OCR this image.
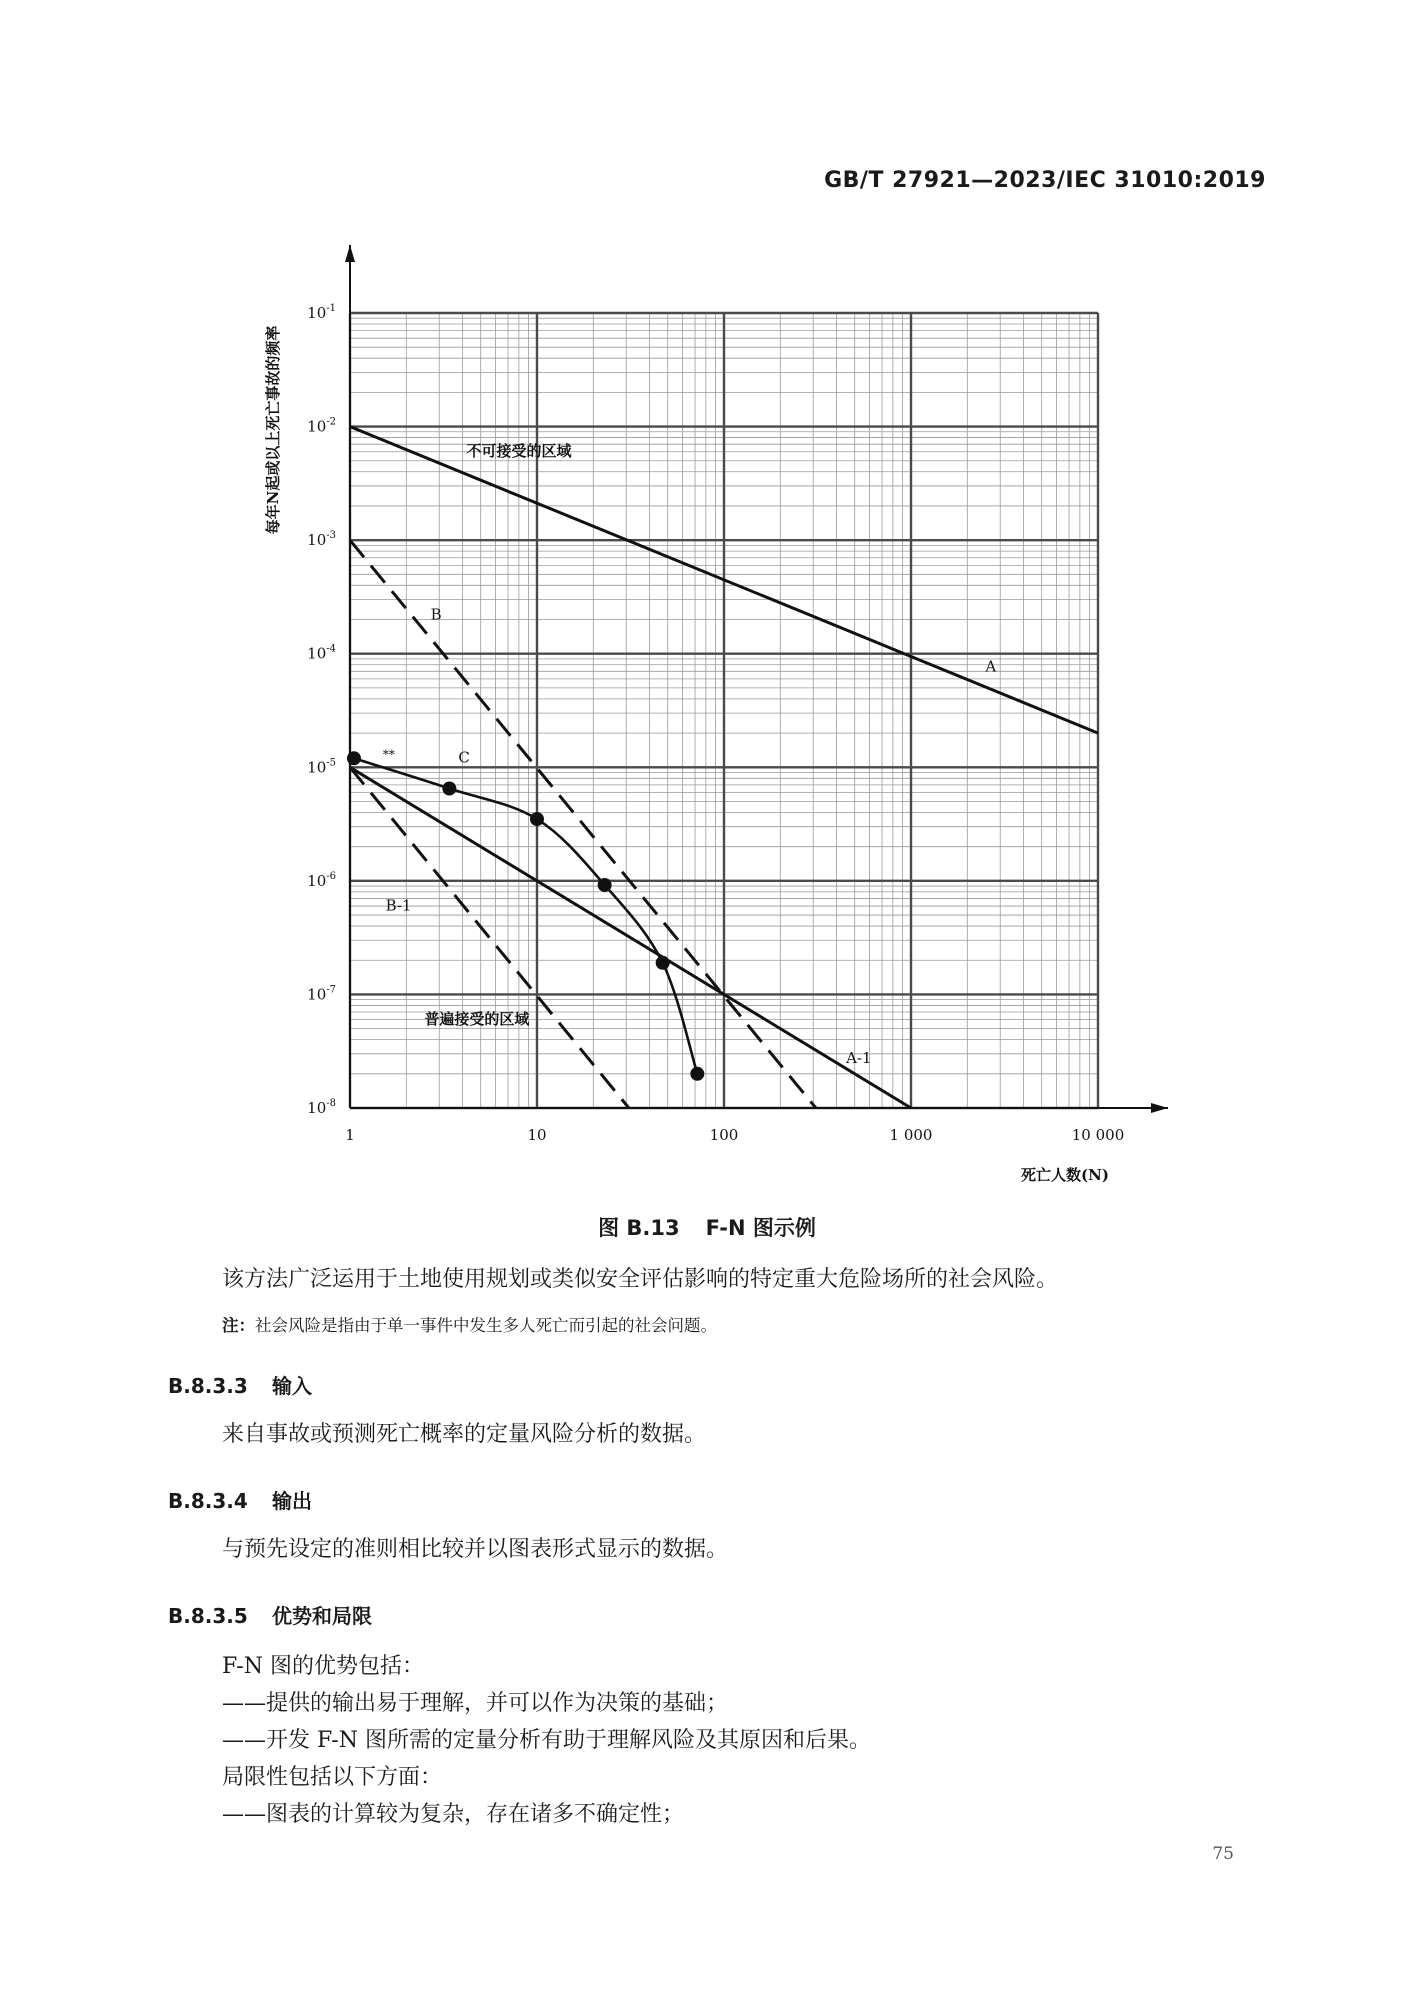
GB/T 27921—2023/IEC 31010:2019
A
A-1
B
B-1
C
**
1	10	100	1 000	10 000
$10^{-1}$
$10^{-2}$
$10^{-3}$
$10^{-4}$
$10^{-5}$
$10^{-6}$
$10^{-7}$
$10^{-8}$
不可接受的区域
普遍接受的区域
每年N起或以上死亡事故的频率
死亡人数(N)
图 B.13 F-N 图示例
该方法广泛运用于土地使用规划或类似安全评估影响的特定重大危险场所的社会风险。
注：社会风险是指由于单一事件中发生多人死亡而引起的社会问题。
B.8.3.3 输入
来自事故或预测死亡概率的定量风险分析的数据。
B.8.3.4 输出
与预先设定的准则相比较并以图表形式显示的数据。
B.8.3.5 优势和局限
F-N 图的优势包括：
——提供的输出易于理解，并可以作为决策的基础；
——开发 F-N 图所需的定量分析有助于理解风险及其原因和后果。
局限性包括以下方面：
——图表的计算较为复杂，存在诸多不确定性；
75
